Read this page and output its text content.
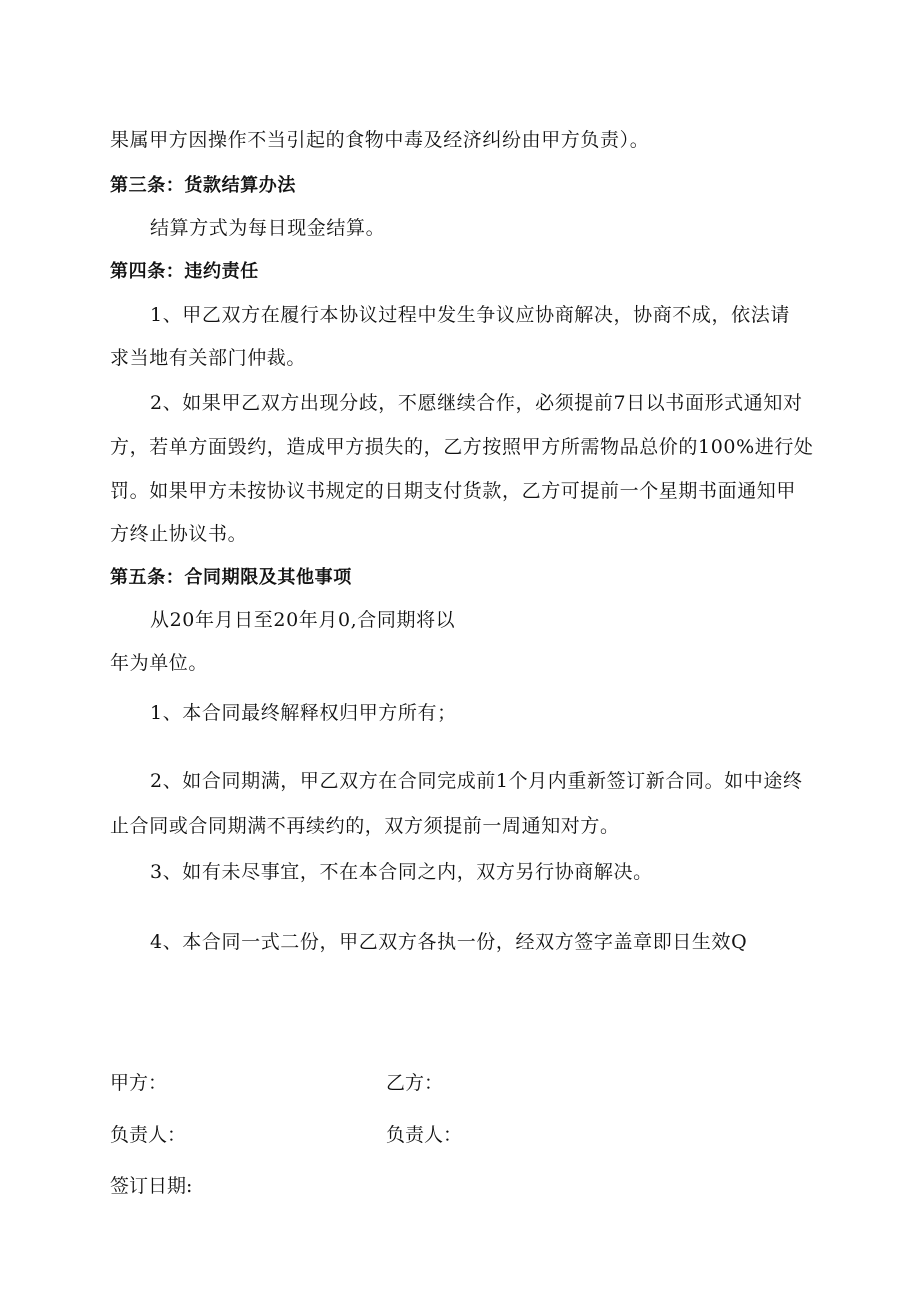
果属甲方因操作不当引起的食物中毒及经济纠纷由甲方负责）。
第三条：货款结算办法
结算方式为每日现金结算。
第四条：违约责任
1、甲乙双方在履行本协议过程中发生争议应协商解决，协商不成，依法请
求当地有关部门仲裁。
2、如果甲乙双方出现分歧，不愿继续合作，必须提前7日以书面形式通知对
方，若单方面毁约，造成甲方损失的，乙方按照甲方所需物品总价的100%进行处
罚。如果甲方未按协议书规定的日期支付货款，乙方可提前一个星期书面通知甲
方终止协议书。
第五条：合同期限及其他事项
从20年月日至20年月0,合同期将以
年为单位。
1、本合同最终解释权归甲方所有；
2、如合同期满，甲乙双方在合同完成前1个月内重新签订新合同。如中途终
止合同或合同期满不再续约的，双方须提前一周通知对方。
3、如有未尽事宜，不在本合同之内，双方另行协商解决。
4、本合同一式二份，甲乙双方各执一份，经双方签字盖章即日生效Q
甲方：	乙方：
负责人：	负责人：
签订日期:
